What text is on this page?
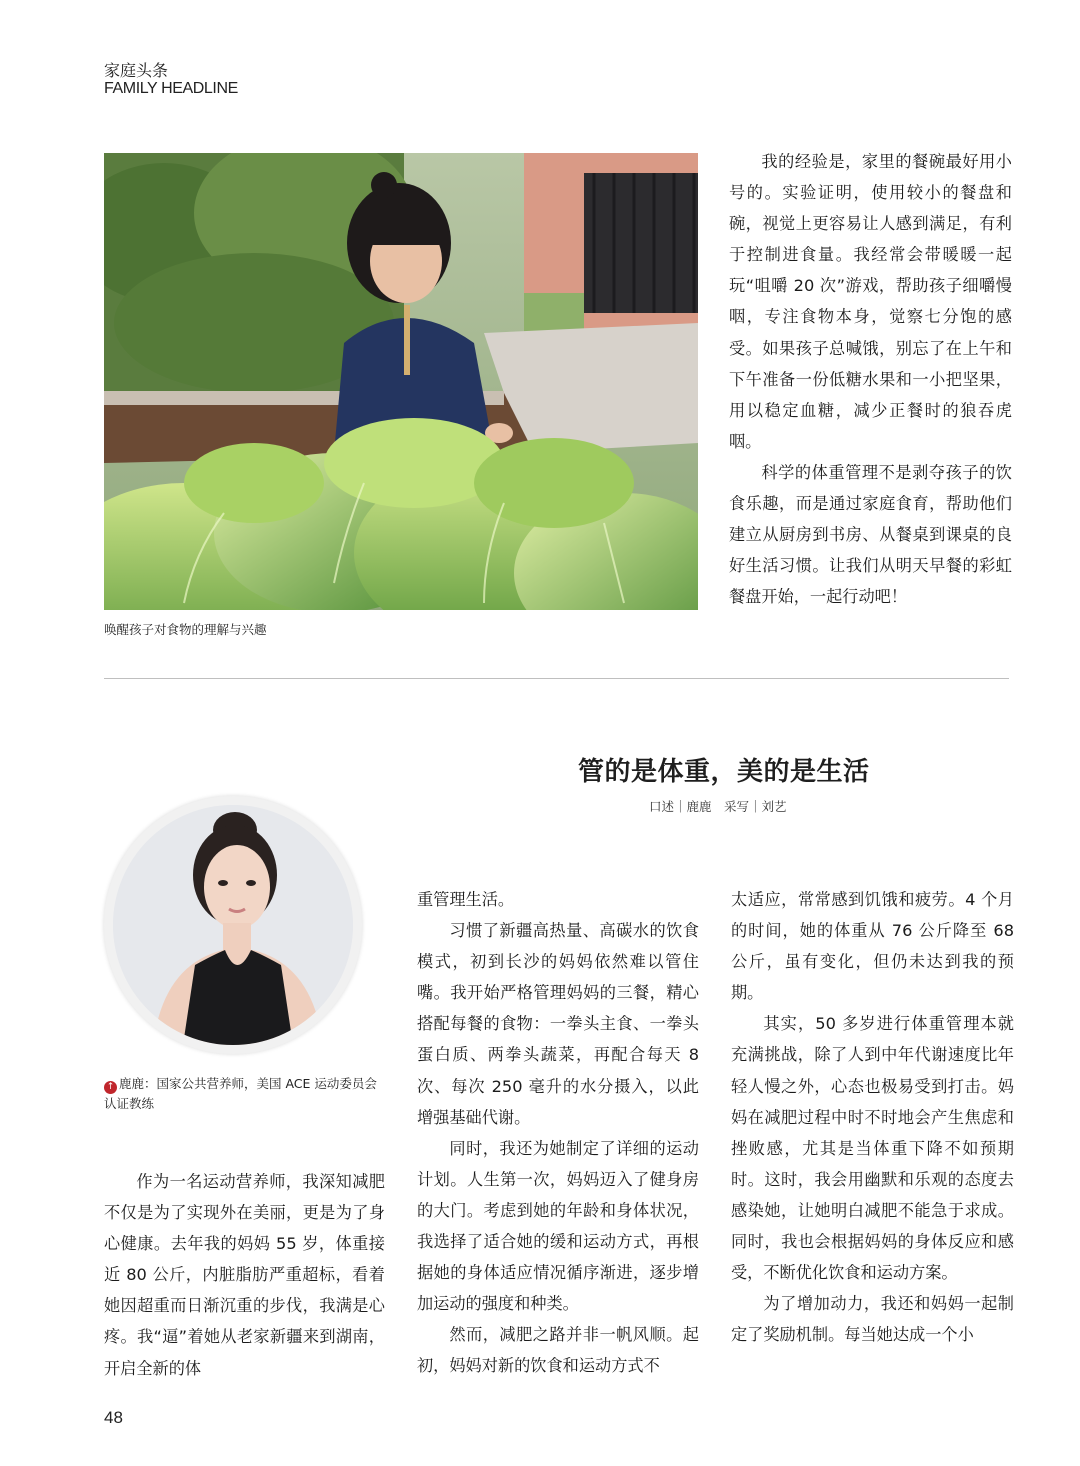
家庭头条
FAMILY HEADLINE
唤醒孩子对食物的理解与兴趣

我的经验是，家里的餐碗最好用小号的。实验证明，使用较小的餐盘和碗，视觉上更容易让人感到满足，有利于控制进食量。我经常会带暖暖一起玩“咀嚼 20 次”游戏，帮助孩子细嚼慢咽，专注食物本身，觉察七分饱的感受。如果孩子总喊饿，别忘了在上午和下午准备一份低糖水果和一小把坚果，用以稳定血糖，减少正餐时的狼吞虎咽。

科学的体重管理不是剥夺孩子的饮食乐趣，而是通过家庭食育，帮助他们建立从厨房到书房、从餐桌到课桌的良好生活习惯。让我们从明天早餐的彩虹餐盘开始，一起行动吧！

管的是体重，美的是生活
口述｜鹿鹿　采写｜刘艺
↑ 鹿鹿：国家公共营养师，美国 ACE 运动委员会认证教练

作为一名运动营养师，我深知减肥不仅是为了实现外在美丽，更是为了身心健康。去年我的妈妈 55 岁，体重接近 80 公斤，内脏脂肪严重超标，看着她因超重而日渐沉重的步伐，我满是心疼。我“逼”着她从老家新疆来到湖南，开启全新的体

重管理生活。

习惯了新疆高热量、高碳水的饮食模式，初到长沙的妈妈依然难以管住嘴。我开始严格管理妈妈的三餐，精心搭配每餐的食物：一拳头主食、一拳头蛋白质、两拳头蔬菜，再配合每天 8 次、每次 250 毫升的水分摄入，以此增强基础代谢。

同时，我还为她制定了详细的运动计划。人生第一次，妈妈迈入了健身房的大门。考虑到她的年龄和身体状况，我选择了适合她的缓和运动方式，再根据她的身体适应情况循序渐进，逐步增加运动的强度和种类。

然而，减肥之路并非一帆风顺。起初，妈妈对新的饮食和运动方式不

太适应，常常感到饥饿和疲劳。4 个月的时间，她的体重从 76 公斤降至 68 公斤，虽有变化，但仍未达到我的预期。

其实，50 多岁进行体重管理本就充满挑战，除了人到中年代谢速度比年轻人慢之外，心态也极易受到打击。妈妈在减肥过程中时不时地会产生焦虑和挫败感，尤其是当体重下降不如预期时。这时，我会用幽默和乐观的态度去感染她，让她明白减肥不能急于求成。同时，我也会根据妈妈的身体反应和感受，不断优化饮食和运动方案。

为了增加动力，我还和妈妈一起制定了奖励机制。每当她达成一个小

48
